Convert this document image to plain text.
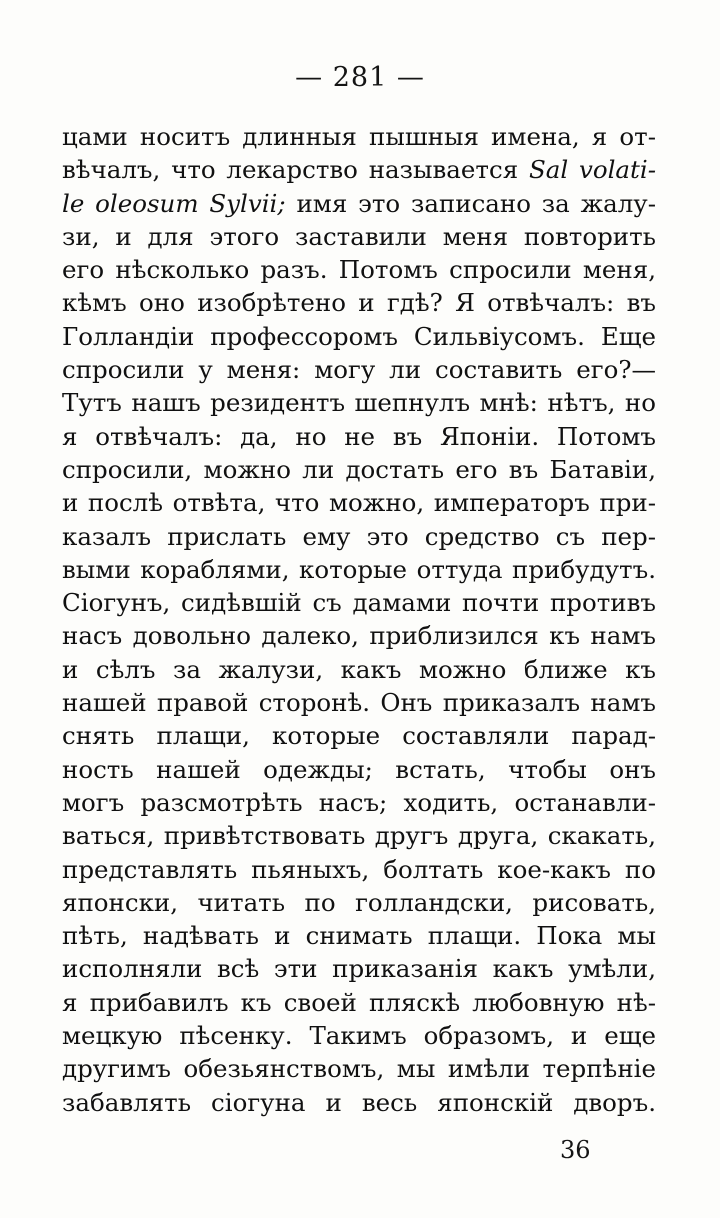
— 281 —
цами носитъ длинныя пышныя имена, я от-
вѣчалъ, что лекарство называется Sal volati-
le oleosum Sylvii; имя это записано за жалу-
зи, и для этого заставили меня повторить
его нѣсколько разъ. Потомъ спросили меня,
кѣмъ оно изобрѣтено и гдѣ? Я отвѣчалъ: въ
Голландіи профессоромъ Сильвіусомъ. Еще
спросили у меня: могу ли составить его?—
Тутъ нашъ резидентъ шепнулъ мнѣ: нѣтъ, но
я отвѣчалъ: да, но не въ Японіи. Потомъ
спросили, можно ли достать его въ Батавіи,
и послѣ отвѣта, что можно, императоръ при-
казалъ прислать ему это средство съ пер-
выми кораблями, которые оттуда прибудутъ.
Сіогунъ, сидѣвшій съ дамами почти противъ
насъ довольно далеко, приблизился къ намъ
и сѣлъ за жалузи, какъ можно ближе къ
нашей правой сторонѣ. Онъ приказалъ намъ
снять плащи, которые составляли парад-
ность нашей одежды; встать, чтобы онъ
могъ разсмотрѣть насъ; ходить, останавли-
ваться, привѣтствовать другъ друга, скакать,
представлять пьяныхъ, болтать кое-какъ по
японски, читать по голландски, рисовать,
пѣть, надѣвать и снимать плащи. Пока мы
исполняли всѣ эти приказанія какъ умѣли,
я прибавилъ къ своей пляскѣ любовную нѣ-
мецкую пѣсенку. Такимъ образомъ, и еще
другимъ обезьянствомъ, мы имѣли терпѣніе
забавлять сіогуна и весь японскій дворъ.
36
